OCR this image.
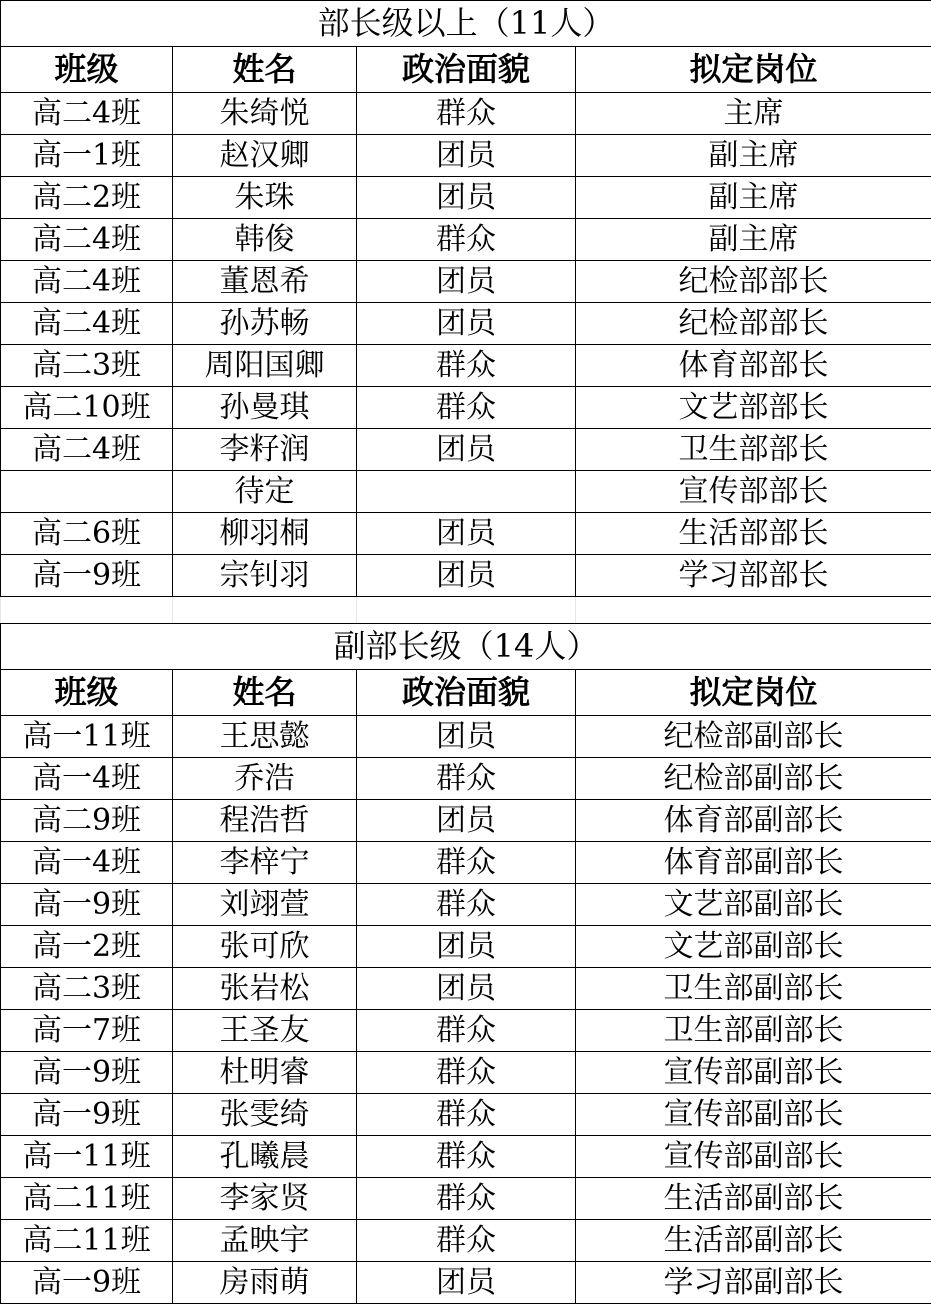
部长级以上（11人）			
班级	姓名	政治面貌	拟定岗位
高二4班	朱绮悦	群众	主席
高一1班	赵汉卿	团员	副主席
高二2班	朱珠	团员	副主席
高二4班	韩俊	群众	副主席
高二4班	董恩希	团员	纪检部部长
高二4班	孙苏畅	团员	纪检部部长
高二3班	周阳国卿	群众	体育部部长
高二10班	孙曼琪	群众	文艺部部长
高二4班	李籽润	团员	卫生部部长
	待定		宣传部部长
高二6班	柳羽桐	团员	生活部部长
高一9班	宗钊羽	团员	学习部部长

副部长级（14人）			
班级	姓名	政治面貌	拟定岗位
高一11班	王思懿	团员	纪检部副部长
高一4班	乔浩	群众	纪检部副部长
高二9班	程浩哲	团员	体育部副部长
高一4班	李梓宁	群众	体育部副部长
高一9班	刘翊萱	群众	文艺部副部长
高一2班	张可欣	团员	文艺部副部长
高二3班	张岩松	团员	卫生部副部长
高一7班	王圣友	群众	卫生部副部长
高一9班	杜明睿	群众	宣传部副部长
高一9班	张雯绮	群众	宣传部副部长
高一11班	孔曦晨	群众	宣传部副部长
高二11班	李家贤	群众	生活部副部长
高二11班	孟映宇	群众	生活部副部长
高一9班	房雨萌	团员	学习部副部长
